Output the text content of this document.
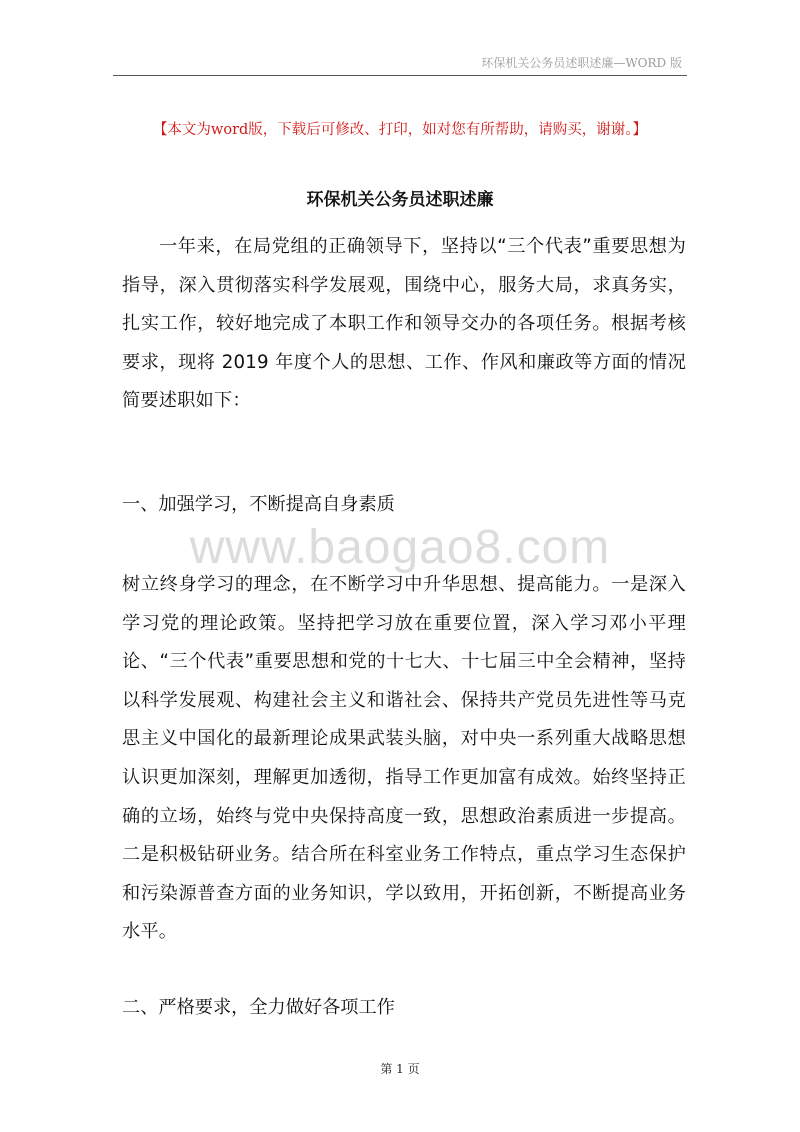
环保机关公务员述职述廉—WORD 版
【本文为word版，下载后可修改、打印，如对您有所帮助，请购买，谢谢。】
环保机关公务员述职述廉

一年来，在局党组的正确领导下，坚持以“三个代表”重要思想为指导，深入贯彻落实科学发展观，围绕中心，服务大局，求真务实，扎实工作，较好地完成了本职工作和领导交办的各项任务。根据考核要求，现将 2019 年度个人的思想、工作、作风和廉政等方面的情况简要述职如下：

一、加强学习，不断提高自身素质

www.baogao8.com

树立终身学习的理念，在不断学习中升华思想、提高能力。一是深入学习党的理论政策。坚持把学习放在重要位置，深入学习邓小平理论、“三个代表”重要思想和党的十七大、十七届三中全会精神，坚持以科学发展观、构建社会主义和谐社会、保持共产党员先进性等马克思主义中国化的最新理论成果武装头脑，对中央一系列重大战略思想认识更加深刻，理解更加透彻，指导工作更加富有成效。始终坚持正确的立场，始终与党中央保持高度一致，思想政治素质进一步提高。二是积极钻研业务。结合所在科室业务工作特点，重点学习生态保护和污染源普查方面的业务知识，学以致用，开拓创新，不断提高业务水平。

二、严格要求，全力做好各项工作

第 1 页
